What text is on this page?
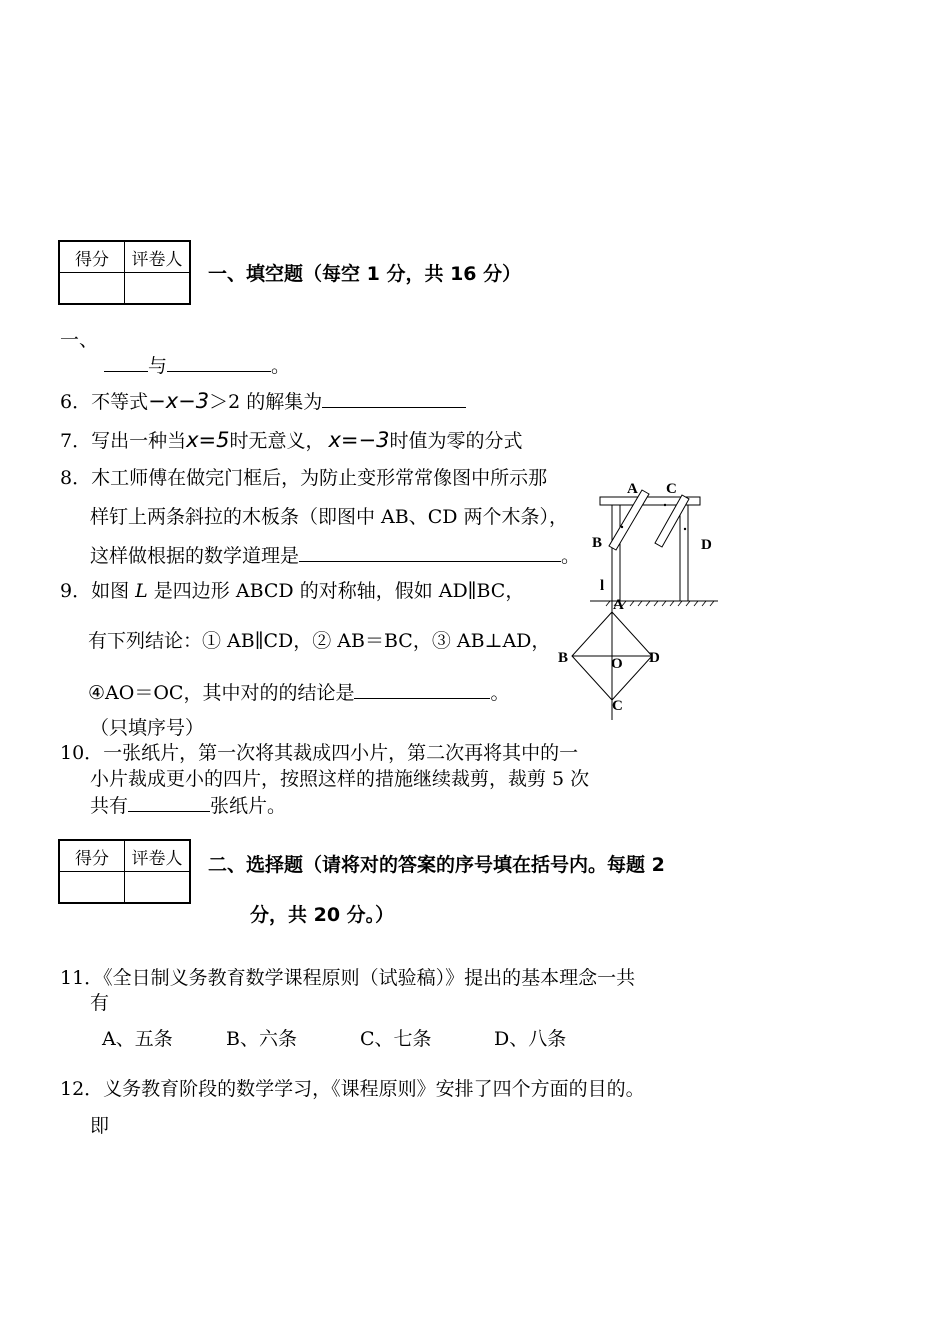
得分	评卷人

一、填空题（每空 1 分，共 16 分）
一、
与	。
6．不等式−x−3＞2 的解集为
7．写出一种当x=5时无意义， x=−3时值为零的分式
8．木工师傅在做完门框后，为防止变形常常像图中所示那
样钉上两条斜拉的木板条（即图中 AB、CD 两个木条），
这样做根据的数学道理是	。
9．如图 L 是四边形 ABCD 的对称轴，假如 AD∥BC，
有下列结论：① AB∥CD，② AB＝BC，③ AB⊥AD，
④AO＝OC，其中对的的结论是	。
（只填序号）
10．一张纸片，第一次将其裁成四小片，第二次再将其中的一
小片裁成更小的四片，按照这样的措施继续裁剪，裁剪 5 次
共有	张纸片。
A C
B	D
l
A
B	O D
C
得分	评卷人
	二、选择题（请将对的答案的序号填在括号内。每题 2
分，共 20 分。）
11．《全日制义务教育数学课程原则（试验稿）》提出的基本理念一共
有
A、五条	B、六条	C、七条	D、八条
12．义务教育阶段的数学学习，《课程原则》安排了四个方面的目的。
即
